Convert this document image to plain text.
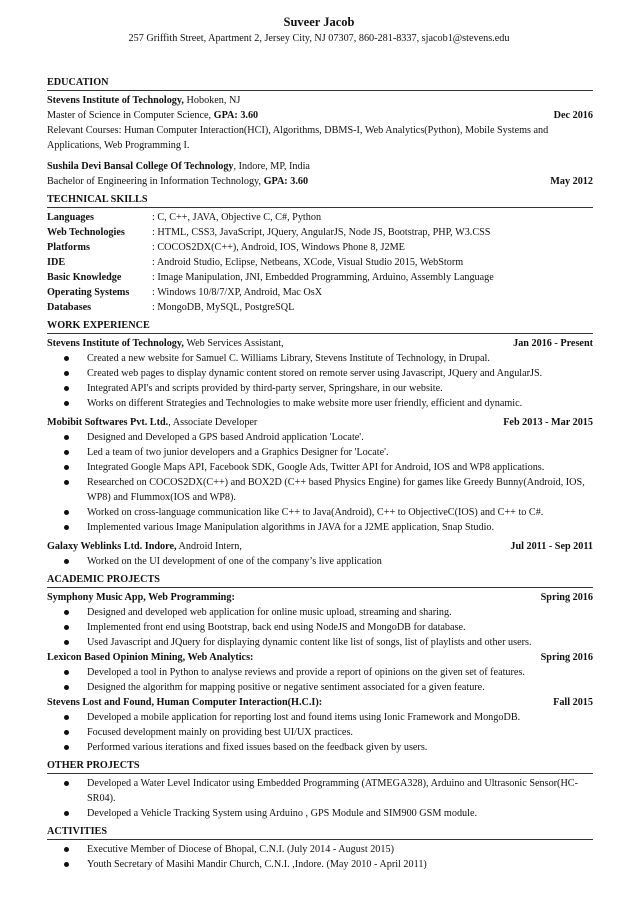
Suveer Jacob
257 Griffith Street, Apartment 2, Jersey City, NJ 07307, 860-281-8337, sjacob1@stevens.edu
EDUCATION
Stevens Institute of Technology, Hoboken, NJ
Master of Science in Computer Science, GPA: 3.60	Dec 2016
Relevant Courses: Human Computer Interaction(HCI), Algorithms, DBMS-I, Web Analytics(Python), Mobile Systems and Applications, Web Programming I.
Sushila Devi Bansal College Of Technology, Indore, MP, India
Bachelor of Engineering in Information Technology, GPA: 3.60	May 2012
TECHNICAL SKILLS
Languages	: C, C++, JAVA, Objective C, C#, Python
Web Technologies	: HTML, CSS3, JavaScript, JQuery, AngularJS, Node JS, Bootstrap, PHP, W3.CSS
Platforms	: COCOS2DX(C++), Android, IOS, Windows Phone 8, J2ME
IDE	: Android Studio, Eclipse, Netbeans, XCode, Visual Studio 2015, WebStorm
Basic Knowledge	: Image Manipulation, JNI, Embedded Programming, Arduino, Assembly Language
Operating Systems	: Windows 10/8/7/XP, Android, Mac OsX
Databases	: MongoDB, MySQL, PostgreSQL
WORK EXPERIENCE
Stevens Institute of Technology, Web Services Assistant,	Jan 2016 - Present
Created a new website for Samuel C. Williams Library, Stevens Institute of Technology, in Drupal.
Created web pages to display dynamic content stored on remote server using Javascript, JQuery and AngularJS.
Integrated API's and scripts provided by third-party server, Springshare, in our website.
Works on different Strategies and Technologies to make website more user friendly, efficient and dynamic.
Mobibit Softwares Pvt. Ltd., Associate Developer	Feb 2013 - Mar 2015
Designed and Developed a GPS based Android application 'Locate'.
Led a team of two junior developers and a Graphics Designer for 'Locate'.
Integrated Google Maps API, Facebook SDK, Google Ads, Twitter API for Android, IOS and WP8 applications.
Researched on COCOS2DX(C++) and BOX2D (C++ based Physics Engine) for games like Greedy Bunny(Android, IOS, WP8) and Flummox(IOS and WP8).
Worked on cross-language communication like C++ to Java(Android), C++ to ObjectiveC(IOS) and C++ to C#.
Implemented various Image Manipulation algorithms in JAVA for a J2ME application, Snap Studio.
Galaxy Weblinks Ltd. Indore, Android Intern,	Jul 2011 - Sep 2011
Worked on the UI development of one of the company’s live application
ACADEMIC PROJECTS
Symphony Music App, Web Programming:	Spring 2016
Designed and developed web application for online music upload, streaming and sharing.
Implemented front end using Bootstrap, back end using NodeJS and MongoDB for database.
Used Javascript and JQuery for displaying dynamic content like list of songs, list of playlists and other users.
Lexicon Based Opinion Mining, Web Analytics:	Spring 2016
Developed a tool in Python to analyse reviews and provide a report of opinions on the given set of features.
Designed the algorithm for mapping positive or negative sentiment associated for a given feature.
Stevens Lost and Found, Human Computer Interaction(H.C.I):	Fall 2015
Developed a mobile application for reporting lost and found items using Ionic Framework and MongoDB.
Focused development mainly on providing best UI/UX practices.
Performed various iterations and fixed issues based on the feedback given by users.
OTHER PROJECTS
Developed a Water Level Indicator using Embedded Programming (ATMEGA328), Arduino and Ultrasonic Sensor(HC-SR04).
Developed a Vehicle Tracking System using Arduino , GPS Module and SIM900 GSM module.
ACTIVITIES
Executive Member of Diocese of Bhopal, C.N.I. (July 2014 - August 2015)
Youth Secretary of Masihi Mandir Church, C.N.I. ,Indore. (May 2010 - April 2011)
